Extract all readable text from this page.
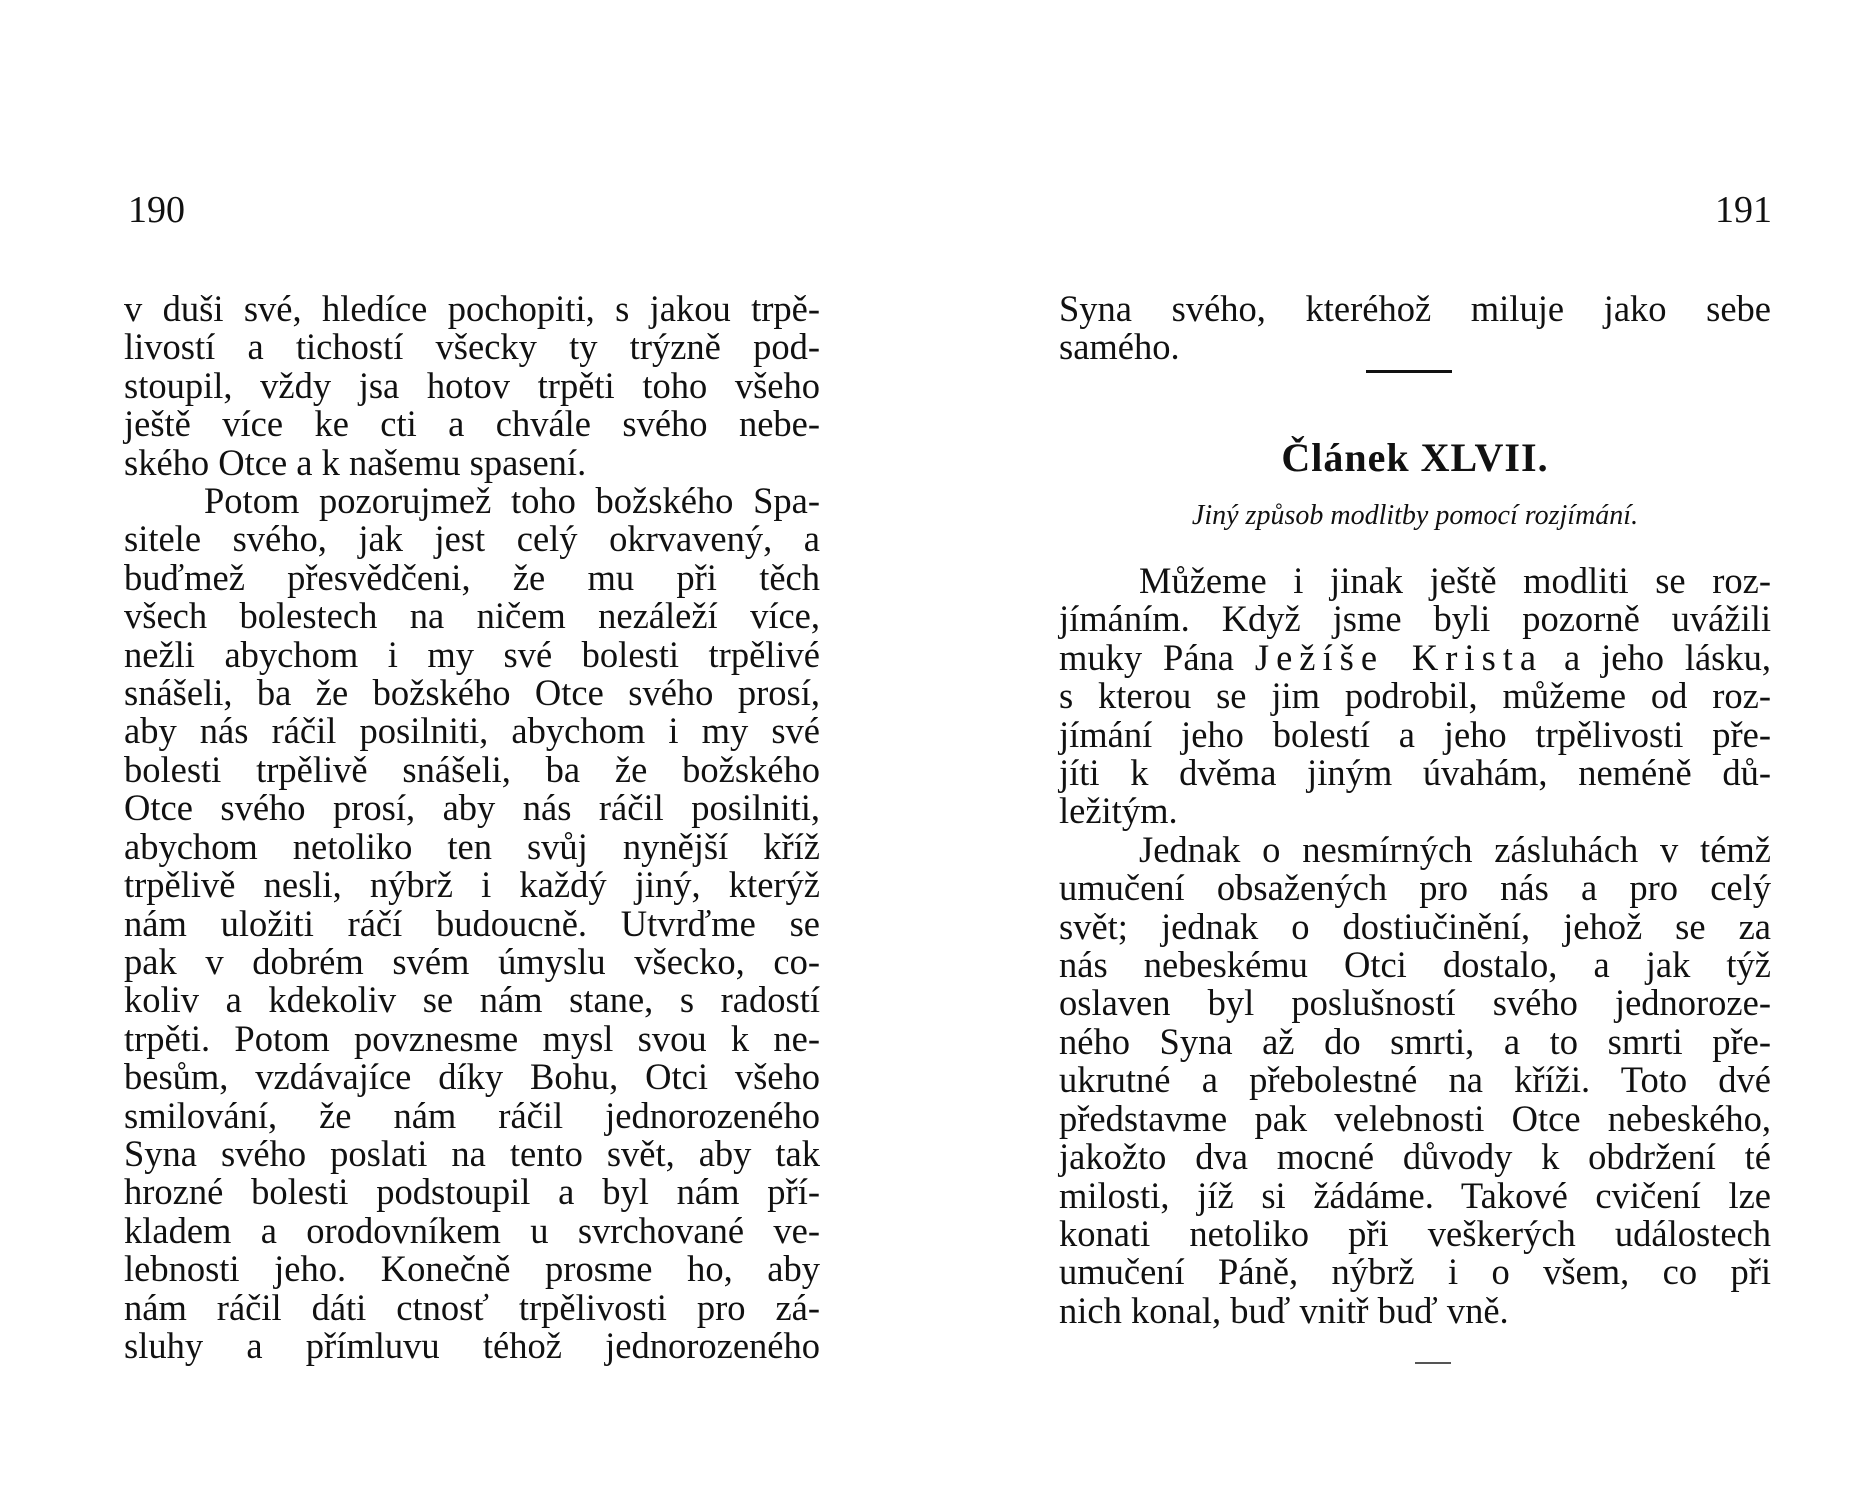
190
v duši své, hledíce pochopiti, s jakou trpě-
livostí a tichostí všecky ty trýzně pod-
stoupil, vždy jsa hotov trpěti toho všeho
ještě více ke cti a chvále svého nebe-
ského Otce a k našemu spasení.
Potom pozorujmež toho božského Spa-
sitele svého, jak jest celý okrvavený, a
buďmež přesvědčeni, že mu při těch
všech bolestech na ničem nezáleží více,
nežli abychom i my své bolesti trpělivé
snášeli, ba že božského Otce svého prosí,
aby nás ráčil posilniti, abychom i my své
bolesti trpělivě snášeli, ba že božského
Otce svého prosí, aby nás ráčil posilniti,
abychom netoliko ten svůj nynější kříž
trpělivě nesli, nýbrž i každý jiný, kterýž
nám uložiti ráčí budoucně. Utvrďme se
pak v dobrém svém úmyslu všecko, co-
koliv a kdekoliv se nám stane, s radostí
trpěti. Potom povznesme mysl svou k ne-
besům, vzdávajíce díky Bohu, Otci všeho
smilování, že nám ráčil jednorozeného
Syna svého poslati na tento svět, aby tak
hrozné bolesti podstoupil a byl nám pří-
kladem a orodovníkem u svrchované ve-
lebnosti jeho. Konečně prosme ho, aby
nám ráčil dáti ctnosť trpělivosti pro zá-
sluhy a přímluvu téhož jednorozeného
191
Syna svého, kteréhož miluje jako sebe
samého.
Článek XLVII.
Jiný způsob modlitby pomocí rozjímání.
Můžeme i jinak ještě modliti se roz-
jímáním. Když jsme byli pozorně uvážili
muky Pána Ježíše Krista a jeho lásku,
s kterou se jim podrobil, můžeme od roz-
jímání jeho bolestí a jeho trpělivosti pře-
jíti k dvěma jiným úvahám, neméně dů-
ležitým.
Jednak o nesmírných zásluhách v témž
umučení obsažených pro nás a pro celý
svět; jednak o dostiučinění, jehož se za
nás nebeskému Otci dostalo, a jak týž
oslaven byl poslušností svého jednoroze-
ného Syna až do smrti, a to smrti pře-
ukrutné a přebolestné na kříži. Toto dvé
představme pak velebnosti Otce nebeského,
jakožto dva mocné důvody k obdržení té
milosti, jíž si žádáme. Takové cvičení lze
konati netoliko při veškerých událostech
umučení Páně, nýbrž i o všem, co při
nich konal, buď vnitř buď vně.
